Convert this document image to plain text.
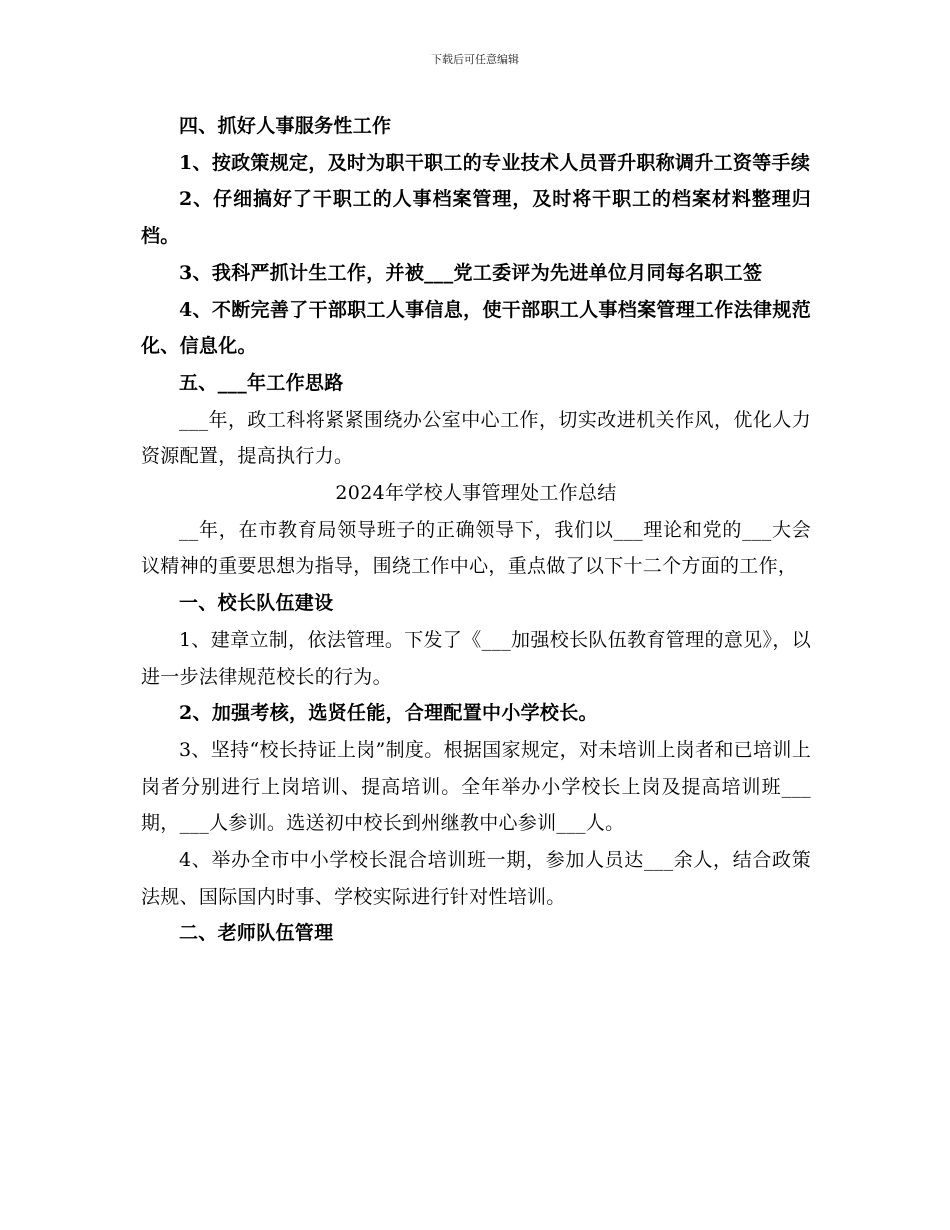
下载后可任意编辑

四、抓好人事服务性工作

1、按政策规定，及时为职干职工的专业技术人员晋升职称调升工资等手续

2、仔细搞好了干职工的人事档案管理，及时将干职工的档案材料整理归档。

3、我科严抓计生工作，并被___党工委评为先进单位月同每名职工签

4、不断完善了干部职工人事信息，使干部职工人事档案管理工作法律规范化、信息化。

五、___年工作思路

___年，政工科将紧紧围绕办公室中心工作，切实改进机关作风，优化人力资源配置，提高执行力。

2024年学校人事管理处工作总结

__年，在市教育局领导班子的正确领导下，我们以___理论和党的___大会议精神的重要思想为指导，围绕工作中心，重点做了以下十二个方面的工作，

一、校长队伍建设

1、建章立制，依法管理。下发了《___加强校长队伍教育管理的意见》，以进一步法律规范校长的行为。

2、加强考核，选贤任能，合理配置中小学校长。

3、坚持“校长持证上岗”制度。根据国家规定，对未培训上岗者和已培训上岗者分别进行上岗培训、提高培训。全年举办小学校长上岗及提高培训班___期，___人参训。选送初中校长到州继教中心参训___人。

4、举办全市中小学校长混合培训班一期，参加人员达___余人，结合政策法规、国际国内时事、学校实际进行针对性培训。

二、老师队伍管理
